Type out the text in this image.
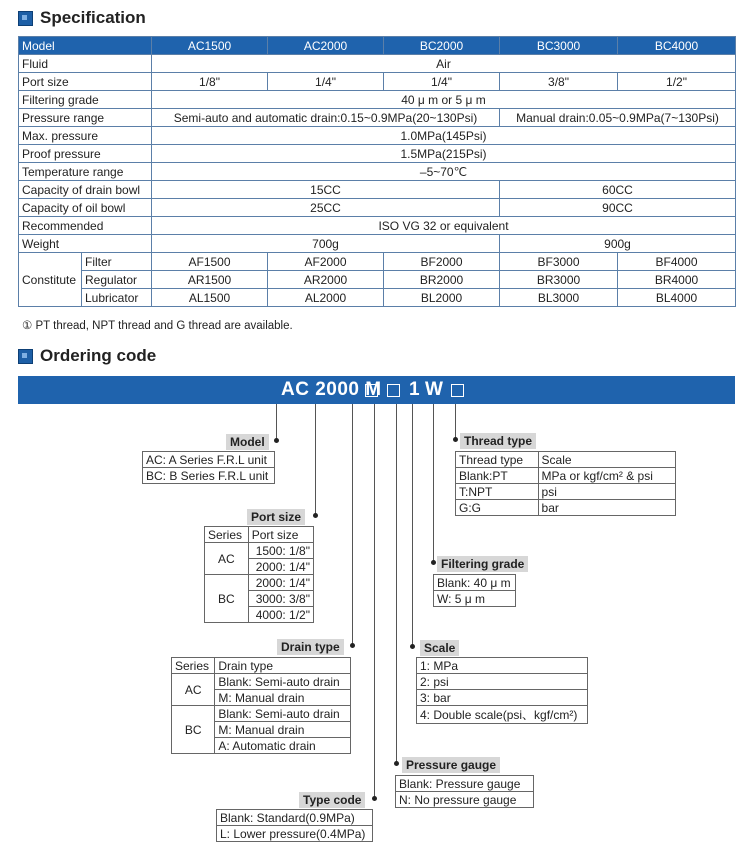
Specification
Model		AC1500	AC2000	BC2000	BC3000	BC4000
Fluid		Air				
Port size		1/8"	1/4"	1/4"	3/8"	1/2"
Filtering grade		40 μ m or 5 μ m				
Pressure range		Semi-auto and automatic drain:0.15~0.9MPa(20~130Psi)			Manual drain:0.05~0.9MPa(7~130Psi)	
Max. pressure		1.0MPa(145Psi)				
Proof pressure		1.5MPa(215Psi)				
Temperature range		–5~70℃				
Capacity of drain bowl		15CC			60CC	
Capacity of oil bowl		25CC			90CC	
Recommended		ISO VG 32 or equivalent				
Weight		700g			900g	
Constitute	Filter	AF1500	AF2000	BF2000	BF3000	BF4000
	Regulator	AR1500	AR2000	BR2000	BR3000	BR4000
	Lubricator	AL1500	AL2000	BL2000	BL3000	BL4000
① PT thread, NPT thread and G thread are available.
Ordering code
AC 2000 M 1 W
Model
AC: A Series F.R.L unit
BC: B Series F.R.L unit
Port size
Series	Port size
AC	1500: 1/8"
	2000: 1/4"
BC	2000: 1/4"
	3000: 3/8"
	4000: 1/2"
Drain type
Series	Drain type
AC	Blank: Semi-auto drain
	M: Manual drain
BC	Blank: Semi-auto drain
	M: Manual drain
	A: Automatic drain
Type code
Blank: Standard(0.9MPa)
L: Lower pressure(0.4MPa)
Thread type
Thread type	Scale
Blank:PT	MPa or kgf/cm² & psi
T:NPT	psi
G:G	bar
Filtering grade
Blank: 40 μ m
W: 5 μ m
Scale
1: MPa
2: psi
3: bar
4: Double scale(psi、kgf/cm²)
Pressure gauge
Blank: Pressure gauge
N: No pressure gauge
